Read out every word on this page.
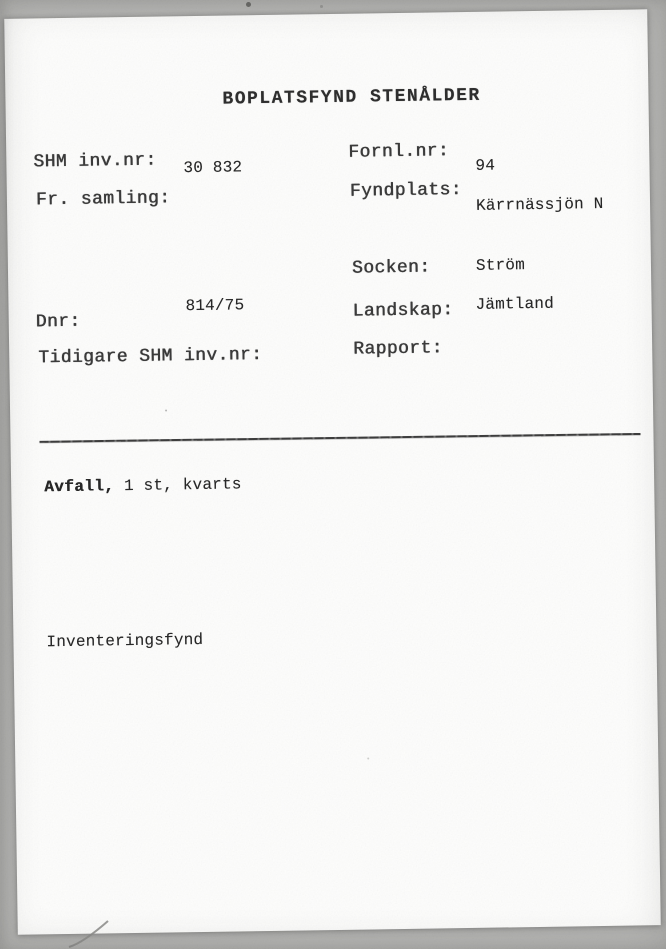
BOPLATSFYND STENÅLDER
SHM inv.nr: 30 832
Fr. samling:
814/75
Dnr:
Tidigare SHM inv.nr:
Fornl.nr:
94
Fyndplats:
Kärrnässjön N
Socken:	Ström
Landskap: Jämtland
Rapport:

Avfall, 1 st, kvarts

Inventeringsfynd
